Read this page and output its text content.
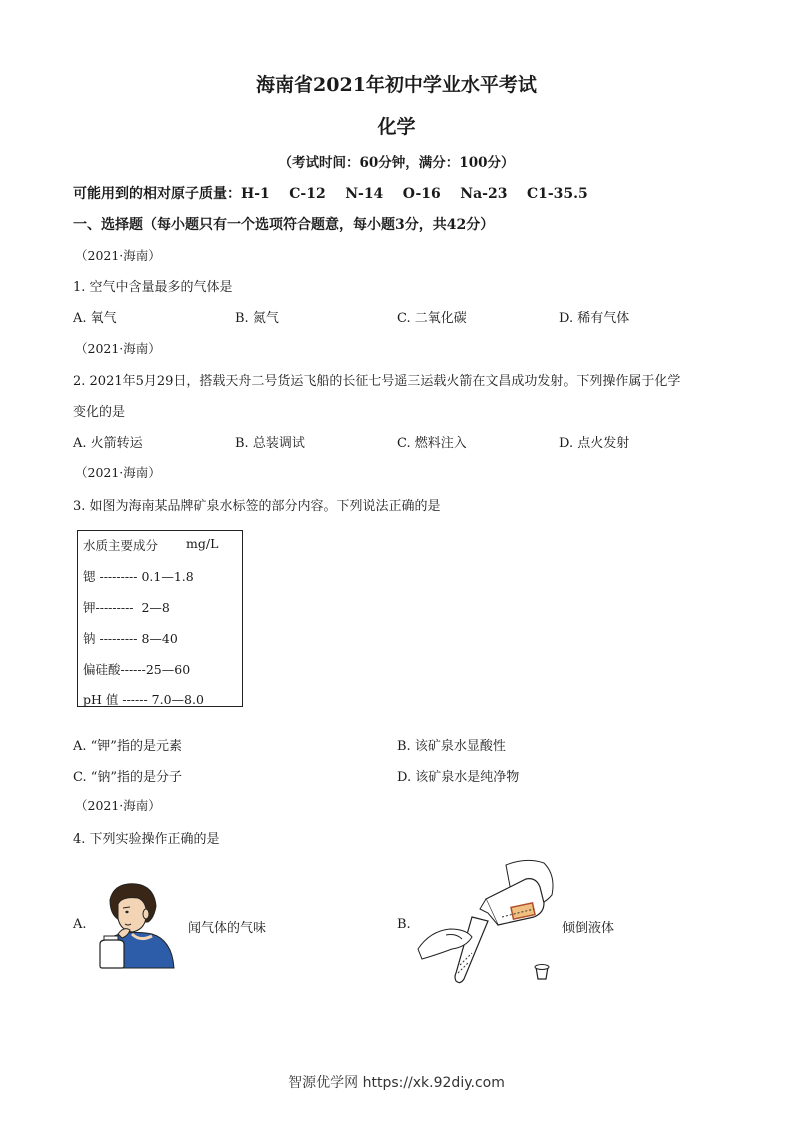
海南省2021年初中学业水平考试
化学
（考试时间：60分钟，满分：100分）
可能用到的相对原子质量：H-1    C-12    N-14    O-16    Na-23    C1-35.5
一、选择题（每小题只有一个选项符合题意，每小题3分，共42分）
（2021·海南）
1. 空气中含量最多的气体是
A. 氧气	B. 氮气	C. 二氧化碳	D. 稀有气体
（2021·海南）
2. 2021年5月29日，搭载天舟二号货运飞船的长征七号遥三运载火箭在文昌成功发射。下列操作属于化学
变化的是
A. 火箭转运	B. 总装调试	C. 燃料注入	D. 点火发射
（2021·海南）
3. 如图为海南某品牌矿泉水标签的部分内容。下列说法正确的是
水质主要成分 mg/L
锶 --------- 0.1—1.8
钾---------  2—8
钠 --------- 8—40
偏硅酸------25—60
pH 值 ------ 7.0—8.0
A. “钾”指的是元素	B. 该矿泉水显酸性
C. “钠”指的是分子	D. 该矿泉水是纯净物
（2021·海南）
4. 下列实验操作正确的是
A.	闻气体的气味	B.	倾倒液体
智源优学网 https://xk.92diy.com
